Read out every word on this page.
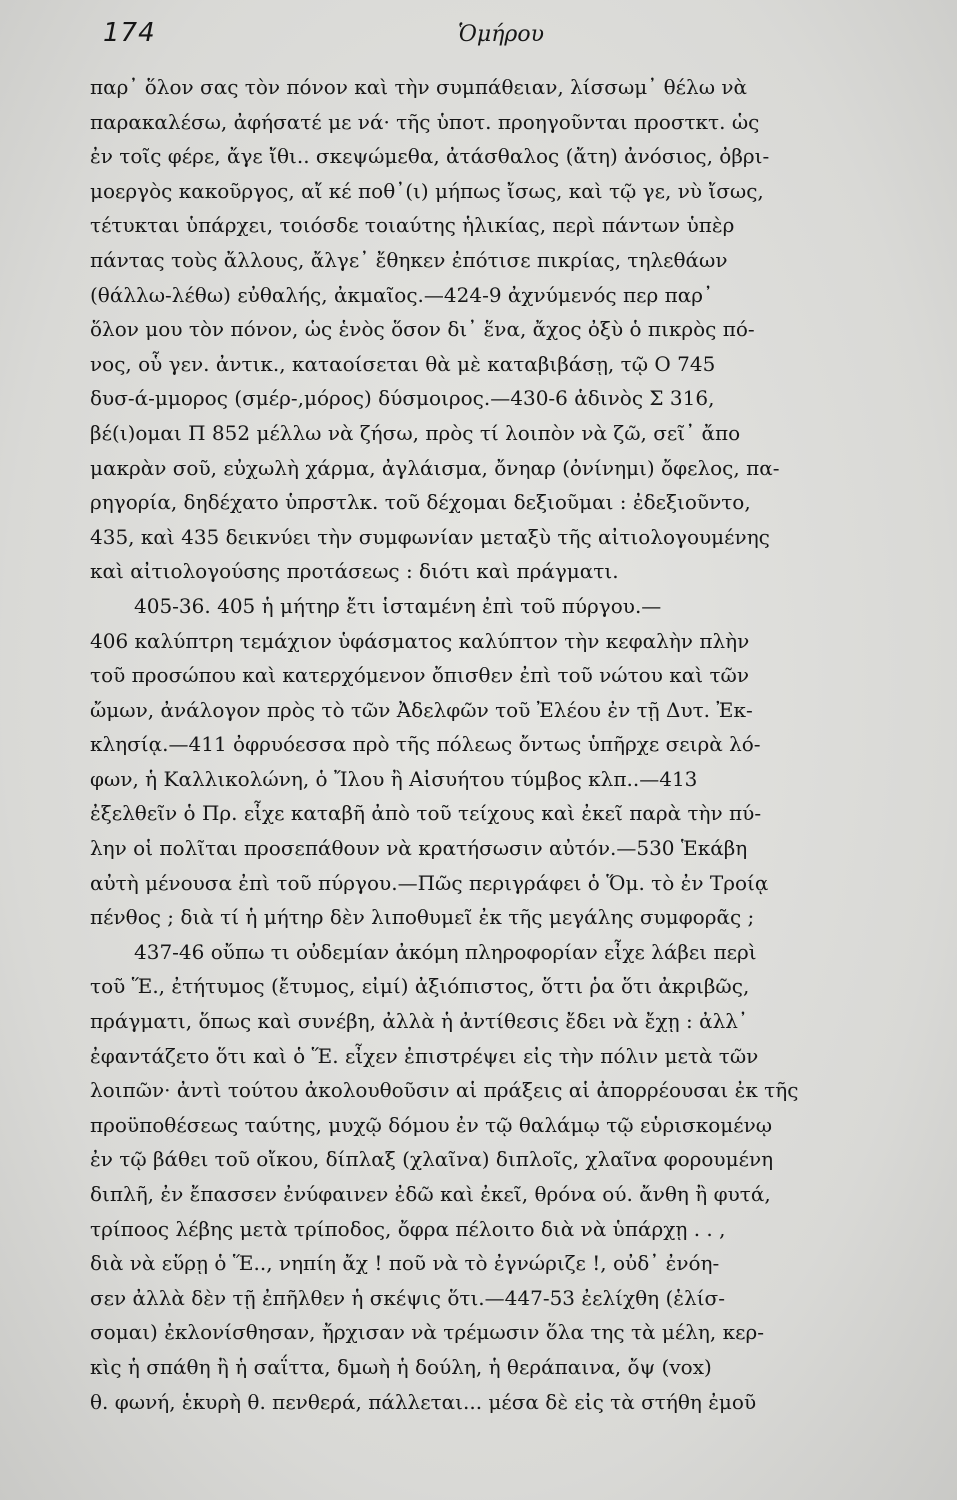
174	Ὁμήρου
παρ᾽ ὅλον σας τὸν πόνον καὶ τὴν συμπάθειαν, λίσσωμ᾽ θέλω νὰ
παρακαλέσω, ἀφήσατέ με νά· τῆς ὑποτ. προηγοῦνται προστκτ. ὡς
ἐν τοῖς φέρε, ἄγε ἴθι.. σκεψώμεθα, ἀτάσθαλος (ἄτη) ἀνόσιος, ὀβρι-
μοεργὸς κακοῦργος, αἴ κέ ποθ᾽(ι) μήπως ἴσως, καὶ τῷ γε, νὺ ἴσως,
τέτυκται ὑπάρχει, τοιόσδε τοιαύτης ἡλικίας, περὶ πάντων ὑπὲρ
πάντας τοὺς ἄλλους, ἄλγε᾽ ἔθηκεν ἐπότισε πικρίας, τηλεθάων
(θάλλω-λέθω) εὐθαλής, ἀκμαῖος.—424-9 ἀχνύμενός περ παρ᾽
ὅλον μου τὸν πόνον, ὡς ἑνὸς ὅσον δι᾽ ἕνα, ἄχος ὀξὺ ὁ πικρὸς πό-
νος, οὗ γεν. ἀντικ., καταοίσεται θὰ μὲ καταβιβάσῃ, τῷ Ο 745
δυσ-ά-μμορος (σμέρ-,μόρος) δύσμοιρος.—430-6 ἁδινὸς Σ 316,
βέ(ι)ομαι Π 852 μέλλω νὰ ζήσω, πρὸς τί λοιπὸν νὰ ζῶ, σεῖ᾽ ἄπο
μακρὰν σοῦ, εὐχωλὴ χάρμα, ἀγλάισμα, ὄνηαρ (ὀνίνημι) ὄφελος, πα-
ρηγορία, δηδέχατο ὑπρστλκ. τοῦ δέχομαι δεξιοῦμαι : ἐδεξιοῦντο,
435, καὶ 435 δεικνύει τὴν συμφωνίαν μεταξὺ τῆς αἰτιολογουμένης
καὶ αἰτιολογούσης προτάσεως : διότι καὶ πράγματι.
405-36. 405 ἡ μήτηρ ἔτι ἱσταμένη ἐπὶ τοῦ πύργου.—
406 καλύπτρη τεμάχιον ὑφάσματος καλύπτον τὴν κεφαλὴν πλὴν
τοῦ προσώπου καὶ κατερχόμενον ὄπισθεν ἐπὶ τοῦ νώτου καὶ τῶν
ὤμων, ἀνάλογον πρὸς τὸ τῶν Ἀδελφῶν τοῦ Ἐλέου ἐν τῇ Δυτ. Ἐκ-
κλησίᾳ.—411 ὀφρυόεσσα πρὸ τῆς πόλεως ὄντως ὑπῆρχε σειρὰ λό-
φων, ἡ Καλλικολώνη, ὁ Ἴλου ἢ Αἰσυήτου τύμβος κλπ..—413
ἐξελθεῖν ὁ Πρ. εἶχε καταβῆ ἀπὸ τοῦ τείχους καὶ ἐκεῖ παρὰ τὴν πύ-
λην οἱ πολῖται προσεπάθουν νὰ κρατήσωσιν αὐτόν.—530 Ἑκάβη
αὐτὴ μένουσα ἐπὶ τοῦ πύργου.—Πῶς περιγράφει ὁ Ὅμ. τὸ ἐν Τροίᾳ
πένθος ; διὰ τί ἡ μήτηρ δὲν λιποθυμεῖ ἐκ τῆς μεγάλης συμφορᾶς ;
437-46 οὔπω τι οὐδεμίαν ἀκόμη πληροφορίαν εἶχε λάβει περὶ
τοῦ Ἕ., ἐτήτυμος (ἔτυμος, εἰμί) ἀξιόπιστος, ὅττι ῥα ὅτι ἀκριβῶς,
πράγματι, ὅπως καὶ συνέβη, ἀλλὰ ἡ ἀντίθεσις ἔδει νὰ ἔχῃ : ἀλλ᾽
ἐφαντάζετο ὅτι καὶ ὁ Ἕ. εἶχεν ἐπιστρέψει εἰς τὴν πόλιν μετὰ τῶν
λοιπῶν· ἀντὶ τούτου ἀκολουθοῦσιν αἱ πράξεις αἱ ἀπορρέουσαι ἐκ τῆς
προϋποθέσεως ταύτης, μυχῷ δόμου ἐν τῷ θαλάμῳ τῷ εὑρισκομένῳ
ἐν τῷ βάθει τοῦ οἴκου, δίπλαξ (χλαῖνα) διπλοῖς, χλαῖνα φορουμένη
διπλῆ, ἐν ἔπασσεν ἐνύφαινεν ἐδῶ καὶ ἐκεῖ, θρόνα ού. ἄνθη ἢ φυτά,
τρίποος λέβης μετὰ τρίποδος, ὄφρα πέλοιτο διὰ νὰ ὑπάρχῃ . . ,
διὰ νὰ εὕρῃ ὁ Ἕ.., νηπίη ἄχ ! ποῦ νὰ τὸ ἐγνώριζε !, οὐδ᾽ ἐνόη-
σεν ἀλλὰ δὲν τῇ ἐπῆλθεν ἡ σκέψις ὅτι.—447-53 ἐελίχθη (ἑλίσ-
σομαι) ἐκλονίσθησαν, ἤρχισαν νὰ τρέμωσιν ὅλα της τὰ μέλη, κερ-
κὶς ἡ σπάθη ἢ ἡ σαΐττα, δμωὴ ἡ δούλη, ἡ θεράπαινα, ὄψ (vox)
θ. φωνή, ἑκυρὴ θ. πενθερά, πάλλεται... μέσα δὲ εἰς τὰ στήθη ἐμοῦ
